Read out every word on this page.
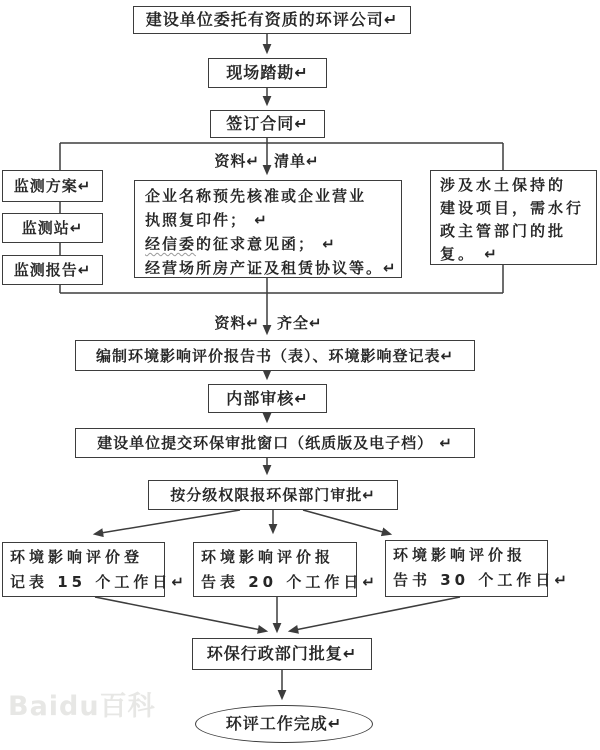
Baidu百科
建设单位委托有资质的环评公司↵
现场踏勘↵
签订合同↵
资料↵ 清单↵
监测方案↵
监测站↵
监测报告↵
企业名称预先核准或企业营业
执照复印件； ↵
经信委的征求意见函； ↵
经营场所房产证及租赁协议等。↵
涉及水土保持的
建设项目，需水行
政主管部门的批
复。 ↵
资料↵ 齐全↵
编制环境影响评价报告书（表）、环境影响登记表↵
内部审核↵
建设单位提交环保审批窗口（纸质版及电子档） ↵
按分级权限报环保部门审批↵
环境影响评价登
记表 15 个工作日↵
环境影响评价报
告表 20 个工作日↵
环境影响评价报
告书 30 个工作日↵
环保行政部门批复↵
环评工作完成↵
